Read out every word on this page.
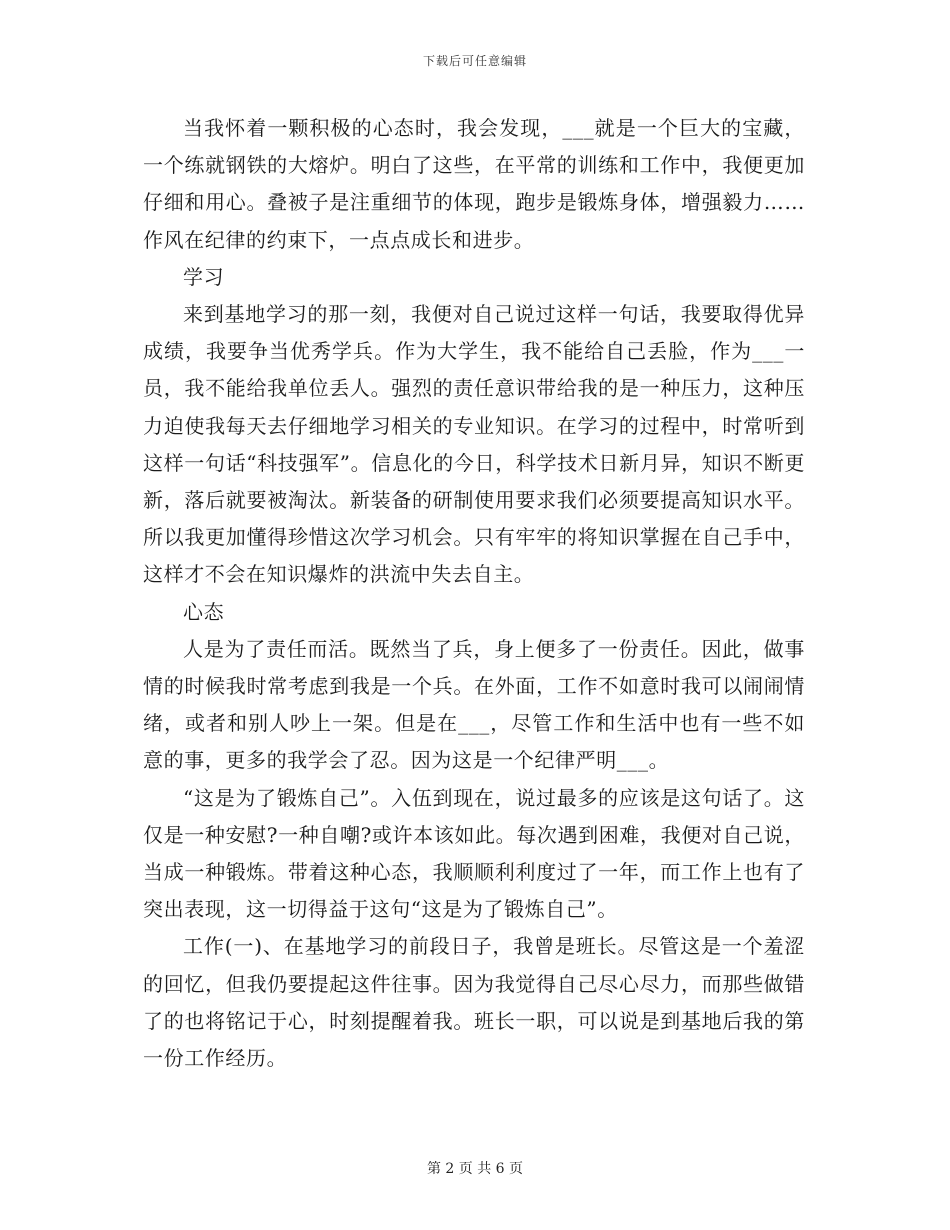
下载后可任意编辑

当我怀着一颗积极的心态时，我会发现，___就是一个巨大的宝藏，一个练就钢铁的大熔炉。明白了这些，在平常的训练和工作中，我便更加仔细和用心。叠被子是注重细节的体现，跑步是锻炼身体，增强毅力……作风在纪律的约束下，一点点成长和进步。

学习

来到基地学习的那一刻，我便对自己说过这样一句话，我要取得优异成绩，我要争当优秀学兵。作为大学生，我不能给自己丢脸，作为___一员，我不能给我单位丢人。强烈的责任意识带给我的是一种压力，这种压力迫使我每天去仔细地学习相关的专业知识。在学习的过程中，时常听到这样一句话“科技强军”。信息化的今日，科学技术日新月异，知识不断更新，落后就要被淘汰。新装备的研制使用要求我们必须要提高知识水平。所以我更加懂得珍惜这次学习机会。只有牢牢的将知识掌握在自己手中，这样才不会在知识爆炸的洪流中失去自主。

心态

人是为了责任而活。既然当了兵，身上便多了一份责任。因此，做事情的时候我时常考虑到我是一个兵。在外面，工作不如意时我可以闹闹情绪，或者和别人吵上一架。但是在___，尽管工作和生活中也有一些不如意的事，更多的我学会了忍。因为这是一个纪律严明___。

“这是为了锻炼自己”。入伍到现在，说过最多的应该是这句话了。这仅是一种安慰?一种自嘲?或许本该如此。每次遇到困难，我便对自己说，当成一种锻炼。带着这种心态，我顺顺利利度过了一年，而工作上也有了突出表现，这一切得益于这句“这是为了锻炼自己”。

工作(一)、在基地学习的前段日子，我曾是班长。尽管这是一个羞涩的回忆，但我仍要提起这件往事。因为我觉得自己尽心尽力，而那些做错了的也将铭记于心，时刻提醒着我。班长一职，可以说是到基地后我的第一份工作经历。

第 2 页 共 6 页
